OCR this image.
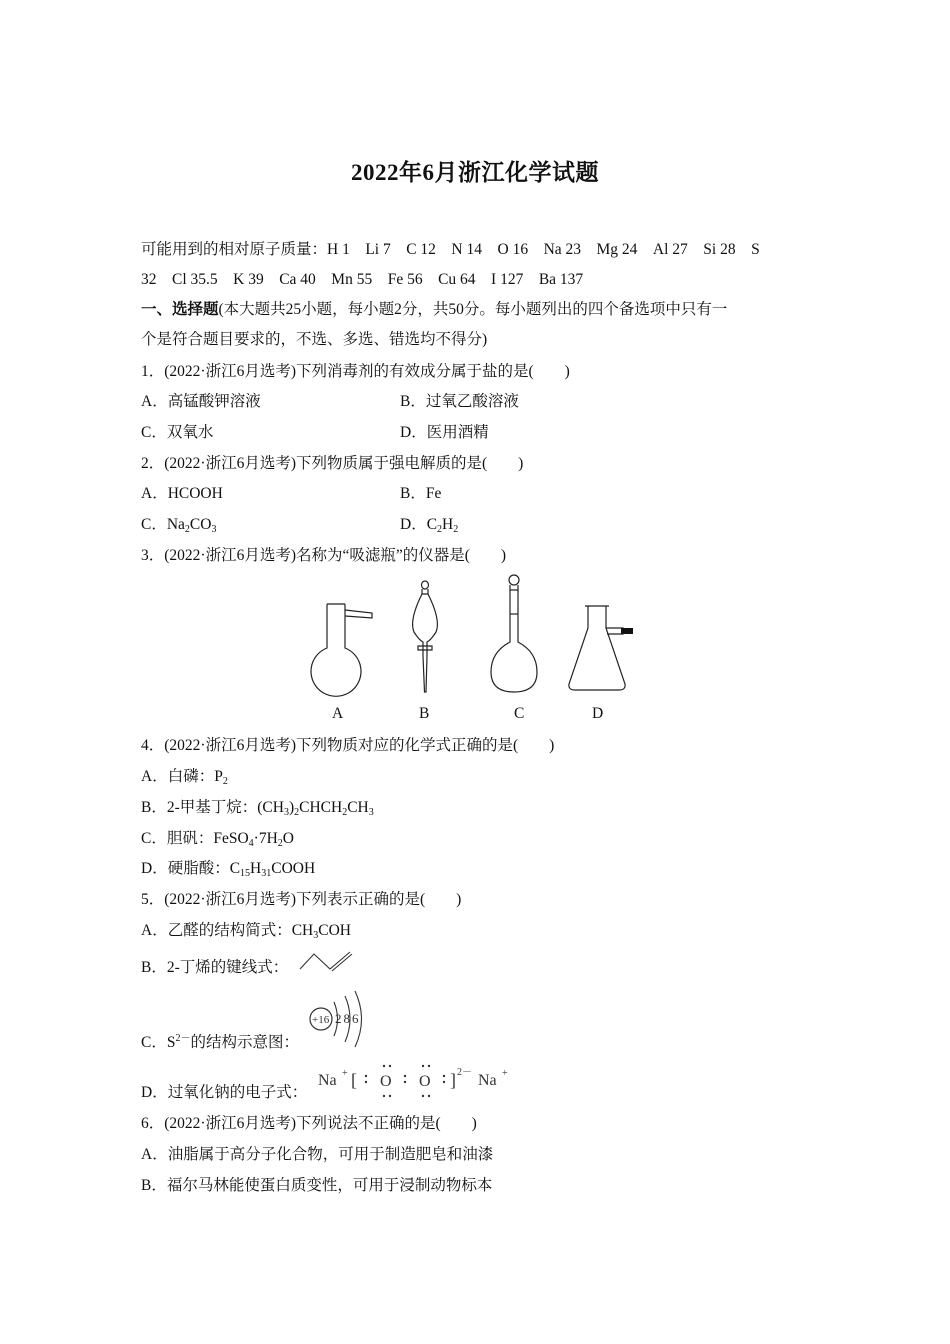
2022年6月浙江化学试题
可能用到的相对原子质量：H 1　Li 7　C 12　N 14　O 16　Na 23　Mg 24　Al 27　Si 28　S
32　Cl 35.5　K 39　Ca 40　Mn 55　Fe 56　Cu 64　I 127　Ba 137
一、选择题(本大题共25小题，每小题2分，共50分。每小题列出的四个备选项中只有一
个是符合题目要求的，不选、多选、错选均不得分)
1．(2022·浙江6月选考)下列消毒剂的有效成分属于盐的是(　　)
A．高锰酸钾溶液	B．过氧乙酸溶液
C．双氧水	D．医用酒精
2．(2022·浙江6月选考)下列物质属于强电解质的是(　　)
A．HCOOH	B．Fe
C．$Na_2CO_3$	D．$C_2H_2$
3．(2022·浙江6月选考)名称为“吸滤瓶”的仪器是(　　)
A	B	C	D
4．(2022·浙江6月选考)下列物质对应的化学式正确的是(　　)
A．白磷：$P_2$
B．2-甲基丁烷：$(CH_3)_2CHCH_2CH_3$
C．胆矾：$FeSO_4\cdot 7H_2O$
D．硬脂酸：$C_{15}H_{31}COOH$
5．(2022·浙江6月选考)下列表示正确的是(　　)
A．乙醛的结构简式：$CH_3COH$
B．2-丁烯的键线式：
+16 286
C．$S^{2-}$的结构示意图：
D．过氧化钠的电子式：
Na + [ O O ] 2－ Na +
6．(2022·浙江6月选考)下列说法不正确的是(　　)
A．油脂属于高分子化合物，可用于制造肥皂和油漆
B．福尔马林能使蛋白质变性，可用于浸制动物标本
